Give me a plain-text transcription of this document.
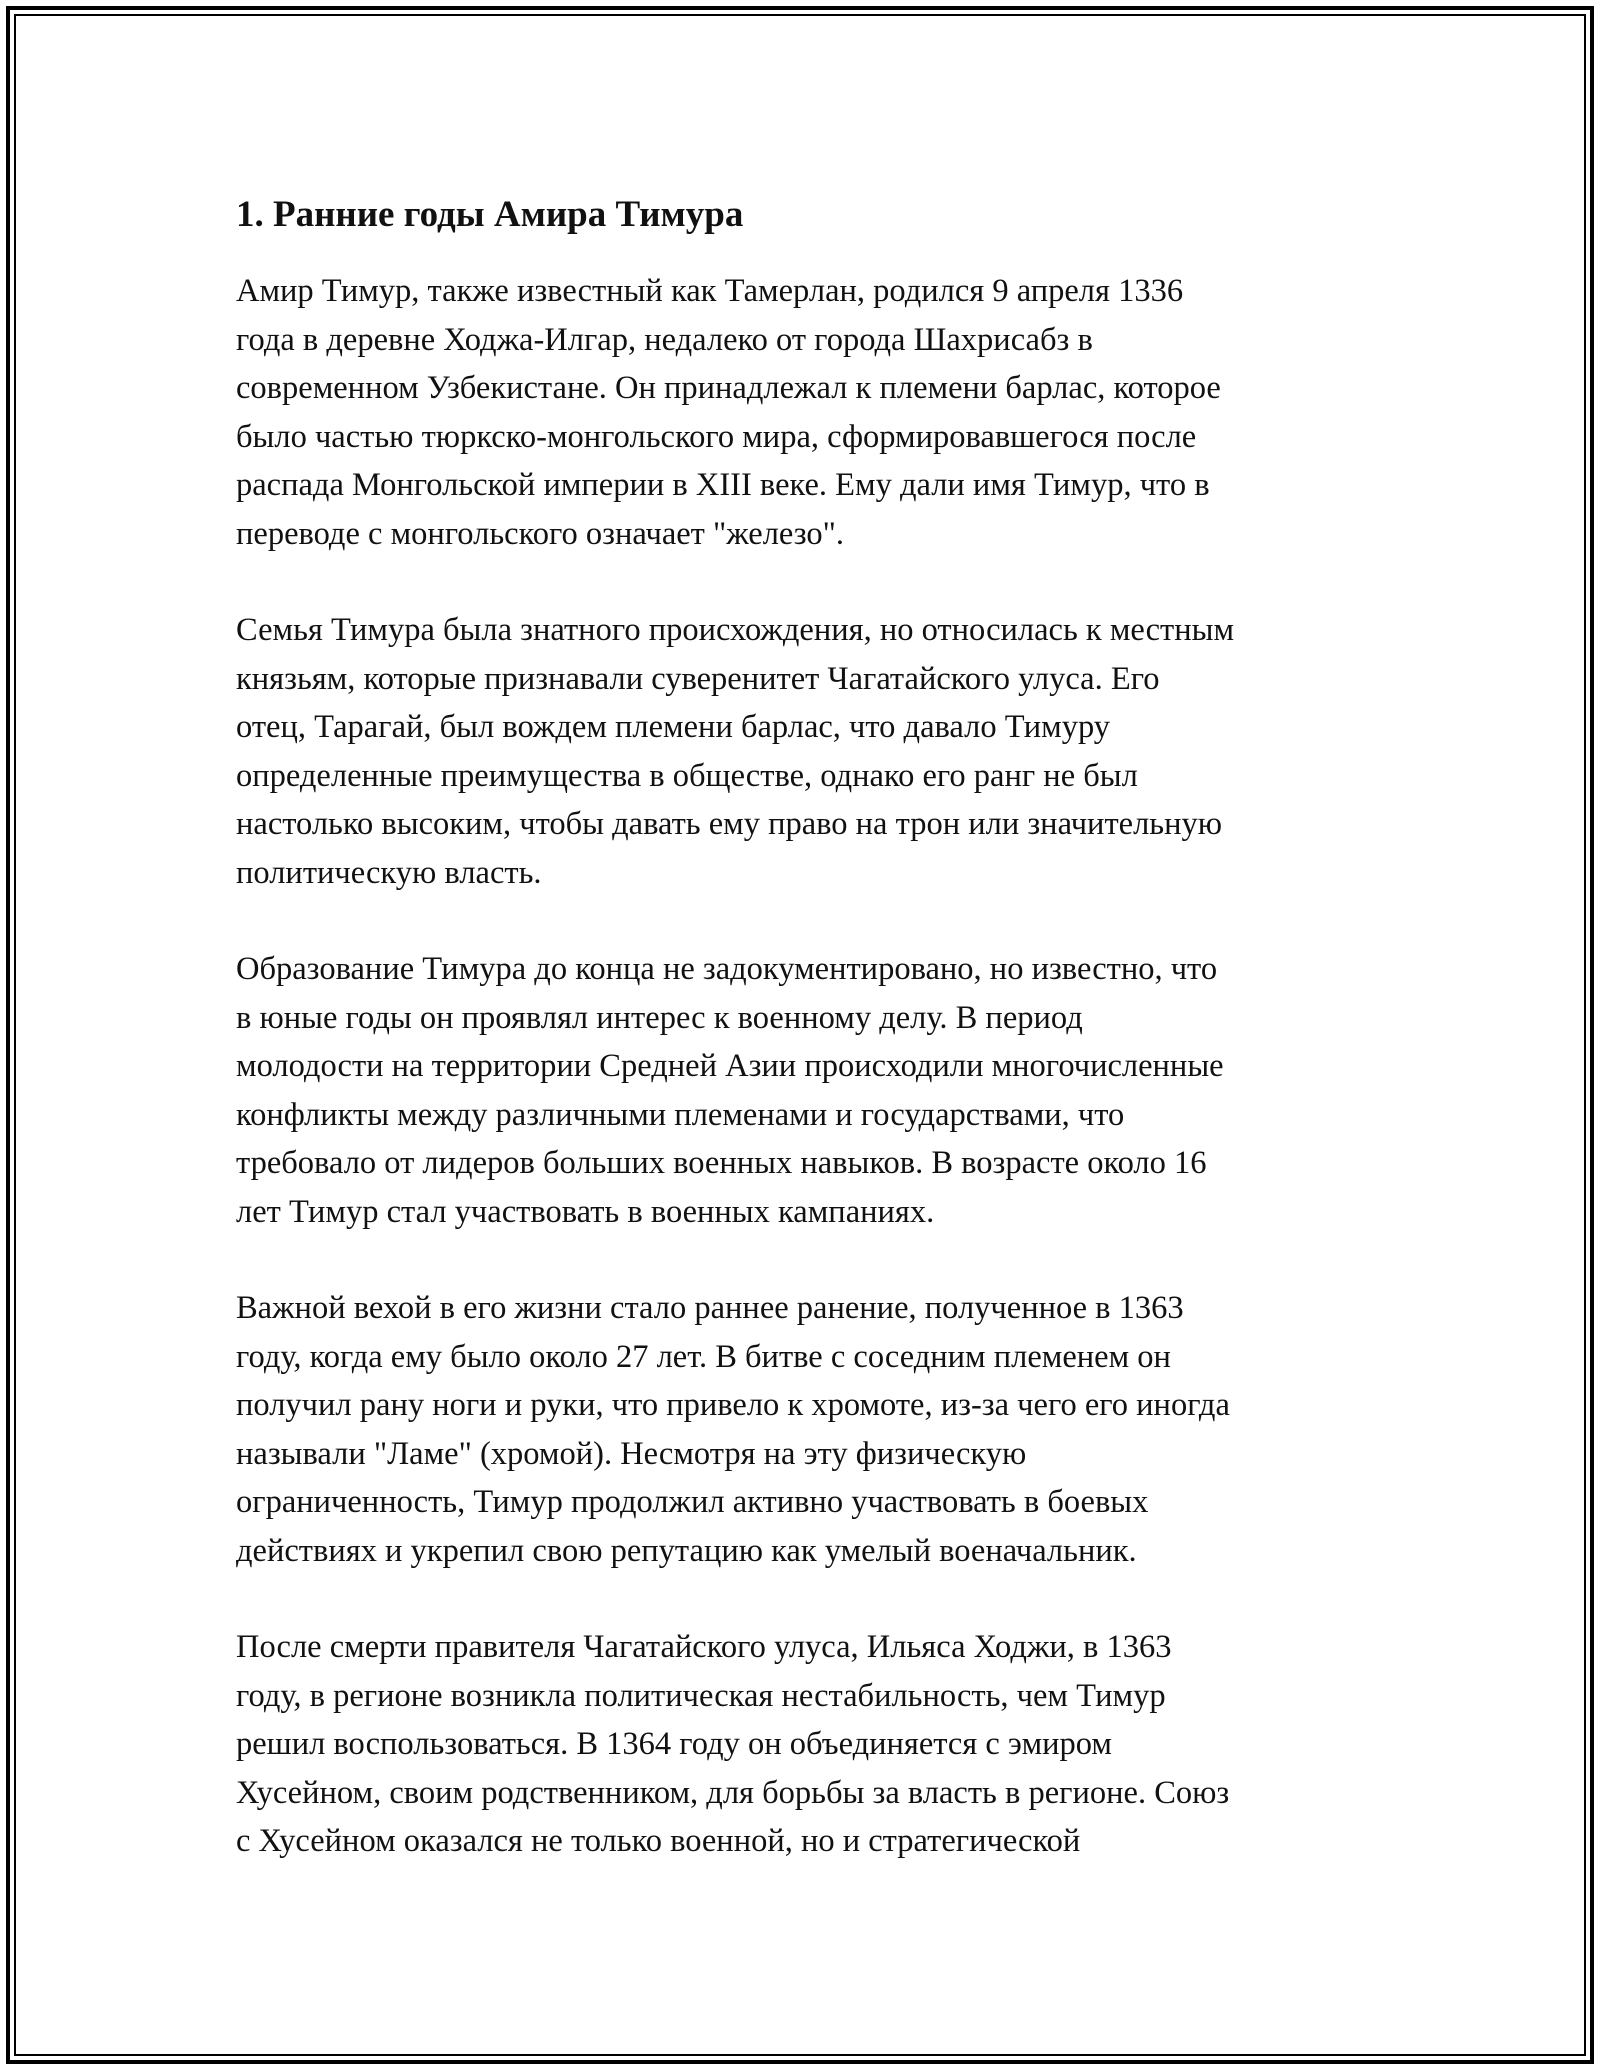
1. Ранние годы Амира Тимура

Амир Тимур, также известный как Тамерлан, родился 9 апреля 1336
года в деревне Ходжа-Илгар, недалеко от города Шахрисабз в
современном Узбекистане. Он принадлежал к племени барлас, которое
было частью тюркско-монгольского мира, сформировавшегося после
распада Монгольской империи в XIII веке. Ему дали имя Тимур, что в
переводе с монгольского означает "железо".

Семья Тимура была знатного происхождения, но относилась к местным
князьям, которые признавали суверенитет Чагатайского улуса. Его
отец, Тарагай, был вождем племени барлас, что давало Тимуру
определенные преимущества в обществе, однако его ранг не был
настолько высоким, чтобы давать ему право на трон или значительную
политическую власть.

Образование Тимура до конца не задокументировано, но известно, что
в юные годы он проявлял интерес к военному делу. В период
молодости на территории Средней Азии происходили многочисленные
конфликты между различными племенами и государствами, что
требовало от лидеров больших военных навыков. В возрасте около 16
лет Тимур стал участвовать в военных кампаниях.

Важной вехой в его жизни стало раннее ранение, полученное в 1363
году, когда ему было около 27 лет. В битве с соседним племенем он
получил рану ноги и руки, что привело к хромоте, из-за чего его иногда
называли "Ламе" (хромой). Несмотря на эту физическую
ограниченность, Тимур продолжил активно участвовать в боевых
действиях и укрепил свою репутацию как умелый военачальник.

После смерти правителя Чагатайского улуса, Ильяса Ходжи, в 1363
году, в регионе возникла политическая нестабильность, чем Тимур
решил воспользоваться. В 1364 году он объединяется с эмиром
Хусейном, своим родственником, для борьбы за власть в регионе. Союз
с Хусейном оказался не только военной, но и стратегической
